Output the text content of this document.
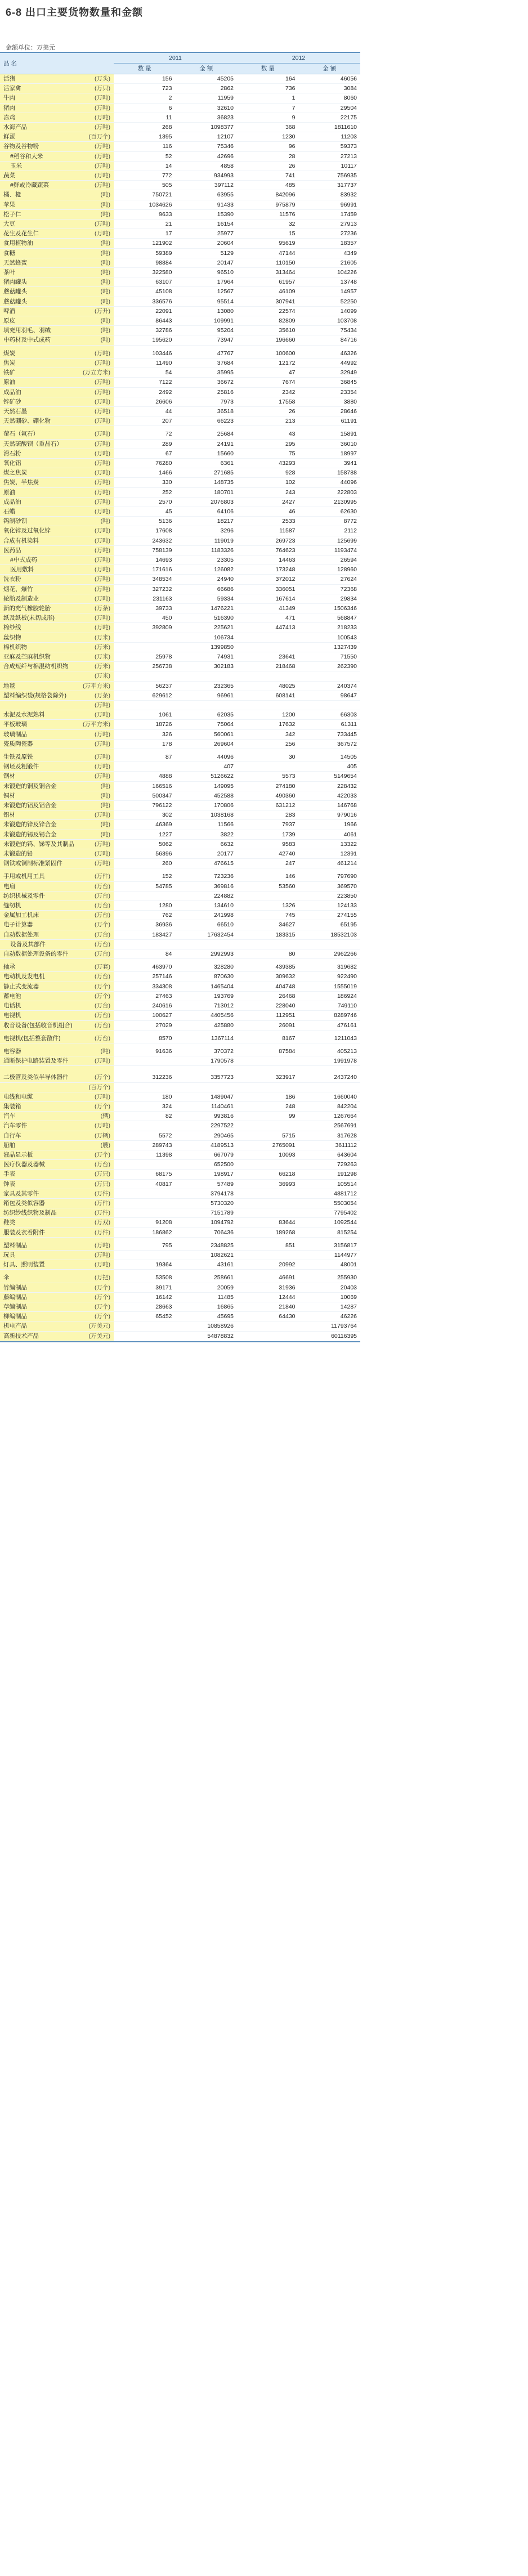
6-8 出口主要货物数量和金额
金额单位：万美元
品 名	2011		2012	
	数 量	金 额	数 量	金 额

活猪 (万头)	156	45205	164	46056

活家禽 (万只)	723	2862	736	3084

牛肉 (万吨)	2	11959	1	8060

猪肉 (万吨)	6	32610	7	29504

冻鸡 (万吨)	11	36823	9	22175

水海产品 (万吨)	268	1098377	368	1811610

鲜蛋 (百万个)	1395	12107	1230	11203

谷物及谷物粉 (万吨)	116	75346	96	59373

#稻谷和大米 (万吨)	52	42696	28	27213

玉米 (万吨)	14	4858	26	10117

蔬菜 (万吨)	772	934993	741	756935

#鲜或冷藏蔬菜 (万吨)	505	397112	485	317737

橘、橙 (吨)	750721	63955	842096	83932

苹果 (吨)	1034626	91433	975879	96991

松子仁 (吨)	9633	15390	11576	17459

大豆 (万吨)	21	16154	32	27913

花生及花生仁 (万吨)	17	25977	15	27236

食用植物油 (吨)	121902	20604	95619	18357

食糖 (吨)	59389	5129	47144	4349

天然蜂蜜 (吨)	98884	20147	110150	21605

茶叶 (吨)	322580	96510	313464	104226

猪肉罐头 (吨)	63107	17964	61957	13748

蘑菇罐头 (吨)	45108	12567	46109	14957

蘑菇罐头 (吨)	336576	95514	307941	52250

啤酒 (万升)	22091	13080	22574	14099

原皮 (吨)	86443	109991	82809	103708

填充用羽毛、羽绒 (吨)	32786	95204	35610	75434

中药材及中式成药 (吨)	195620	73947	196660	84716

煤炭 (万吨)	103446	47767	100600	46326

焦炭 (万吨)	11490	37684	12172	44992

铁矿 (万立方米)	54	35995	47	32949

原油 (万吨)	7122	36672	7674	36845

成品油 (万吨)	2492	25816	2342	23354

锌矿砂 (万吨)	26606	7973	17558	3880

天然石墨 (万吨)	44	36518	26	28646

天然硼砂、硼化物 (万吨)	207	66223	213	61191

萤石（氟石） (万吨)	72	25684	43	15891

天然硫酸钡（重晶石） (万吨)	289	24191	295	36010

滑石粉 (万吨)	67	15660	75	18997

氧化铝 (万吨)	76280	6361	43293	3941

煤之焦炭 (万吨)	1466	271685	928	158788

焦炭、半焦炭 (万吨)	330	148735	102	44096

原油 (万吨)	252	180701	243	222803

成品油 (万吨)	2570	2076803	2427	2130995

石蜡 (万吨)	45	64106	46	62630

钨制砂钡 (吨)	5136	18217	2533	8772

氧化锌及过氧化锌 (万吨)	17608	3296	11587	2112

合成有机染料 (万吨)	243632	119019	269723	125699

医药品 (万吨)	758139	1183326	764623	1193474

#中式成药 (万吨)	14693	23305	14463	26594

医用敷料 (万吨)	171616	126082	173248	128960

洗衣粉 (万吨)	348534	24940	372012	27624

烟花、爆竹 (万吨)	327232	66686	336051	72368

轮胎及制造业 (万吨)	231163	59334	167614	29834

新的充气橡胶轮胎 (万条)	39733	1476221	41349	1506346

纸及纸板(未切成形) (万吨)	450	516390	471	568847

棉纱线 (万吨)	392809	225621	447413	218233

丝织物 (万米)		106734		100543

棉机织物 (万米)		1399850		1327439

亚麻及苎麻机织物 (万米)	25978	74931	23641	71550

合成短纤与棉混纺机织物 (万米)	256738	302183	218468	262390

(万米)				

地毯 (万平方米)	56237	232365	48025	240374

塑料编织袋(规格袋除外) (万条)	629612	96961	608141	98647

(万吨)				

水泥及水泥熟料 (万吨)	1061	62035	1200	66303

平板玻璃 (万平方米)	18726	75064	17632	61311

玻璃制品 (万吨)	326	560061	342	733445

瓷质陶瓷器 (万吨)	178	269604	256	367572

生铁及原铁 (万吨)	87	44096	30	14505

钢坯及粗锻件 (万吨)		407		405

钢材 (万吨)	4888	5126622	5573	5149654

未锻造的铜及铜合金 (吨)	166516	149095	274180	228432

铜材 (吨)	500347	452588	490360	422033

未锻造的铝及铝合金 (吨)	796122	170806	631212	146768

铝材 (万吨)	302	1038168	283	979016

未锻造的锌及锌合金 (吨)	46369	11566	7937	1966

未锻造的锡及锡合金 (吨)	1227	3822	1739	4061

未锻造的钨、锑等及其制品 (万吨)	5062	6632	9583	13322

未锻造的铅 (万吨)	56396	20177	42740	12391

钢铁或铜制标准紧固件 (万吨)	260	476615	247	461214

手用或机用工具 (万件)	152	723236	146	797690

电扇 (万台)	54785	369816	53560	369570

纺织机械及零件 (万台)		224882		223850

缝纫机 (万台)	1280	134610	1326	124133

金属加工机床 (万台)	762	241998	745	274155

电子计算器 (万个)	36936	66510	34627	65195

自动数据处理 (万台)	183427	17632454	183315	18532103

设备及其部件 (万台)				

自动数据处理设备的零件 (万台)	84	2992993	80	2962266

轴承 (万套)	463970	328280	439385	319682

电动机及发电机 (万台)	257146	870630	309632	922490

静止式变流器 (万个)	334308	1465404	404748	1555019

蓄电池 (万个)	27463	193769	26468	186924

电话机 (万台)	240616	713012	228040	749110

电视机 (万台)	100627	4405456	112951	8289746

收音设备(包括收音机组合) (万台)	27029	425880	26091	476161

电视机(包括整套散件) (万台)	8570	1367114	8167	1211043

电容器 (吨)	91636	370372	87584	405213

通断保护电路装置及零件 (万吨)		1790578		1991978

二极管及类似半导体器件 (万个)	312236	3357723	323917	2437240

(百万个)				

电线和电缆 (万吨)	180	1489047	186	1660040

集装箱 (万个)	324	1140461	248	842204

汽车 (辆)	82	993816	99	1267664

汽车零件 (万吨)		2297522		2567691

自行车 (万辆)	5572	290465	5715	317628

船舶 (艘)	289743	4189513	2765091	3611112

液晶显示板 (万个)	11398	667079	10093	643604

医疗仪器及器械 (万台)		652500		729263

手表 (万只)	68175	198917	66218	191298

钟表 (万只)	40817	57489	36993	105514

家具及其零件 (万件)		3794178		4881712

箱包及类似容器 (万件)		5730320		5503054

纺织纱线织物及制品 (万件)		7151789		7795402

鞋类 (万双)	91208	1094792	83644	1092544

服装及衣着附件 (万件)	186862	706436	189268	815254

塑料制品 (万吨)	795	2348825	851	3156817

玩具 (万吨)		1082621		1144977

灯具、照明装置 (万吨)	19364	43161	20992	48001

伞 (万把)	53508	258661	46691	255930

竹编制品 (万个)	39171	20059	31936	20403

藤编制品 (万个)	16142	11485	12444	10069

草编制品 (万个)	28663	16865	21840	14287

柳编制品 (万个)	65452	45695	64430	46226

机电产品 (万美元)		10858926		11793764

高新技术产品 (万美元)		54878832		60116395
